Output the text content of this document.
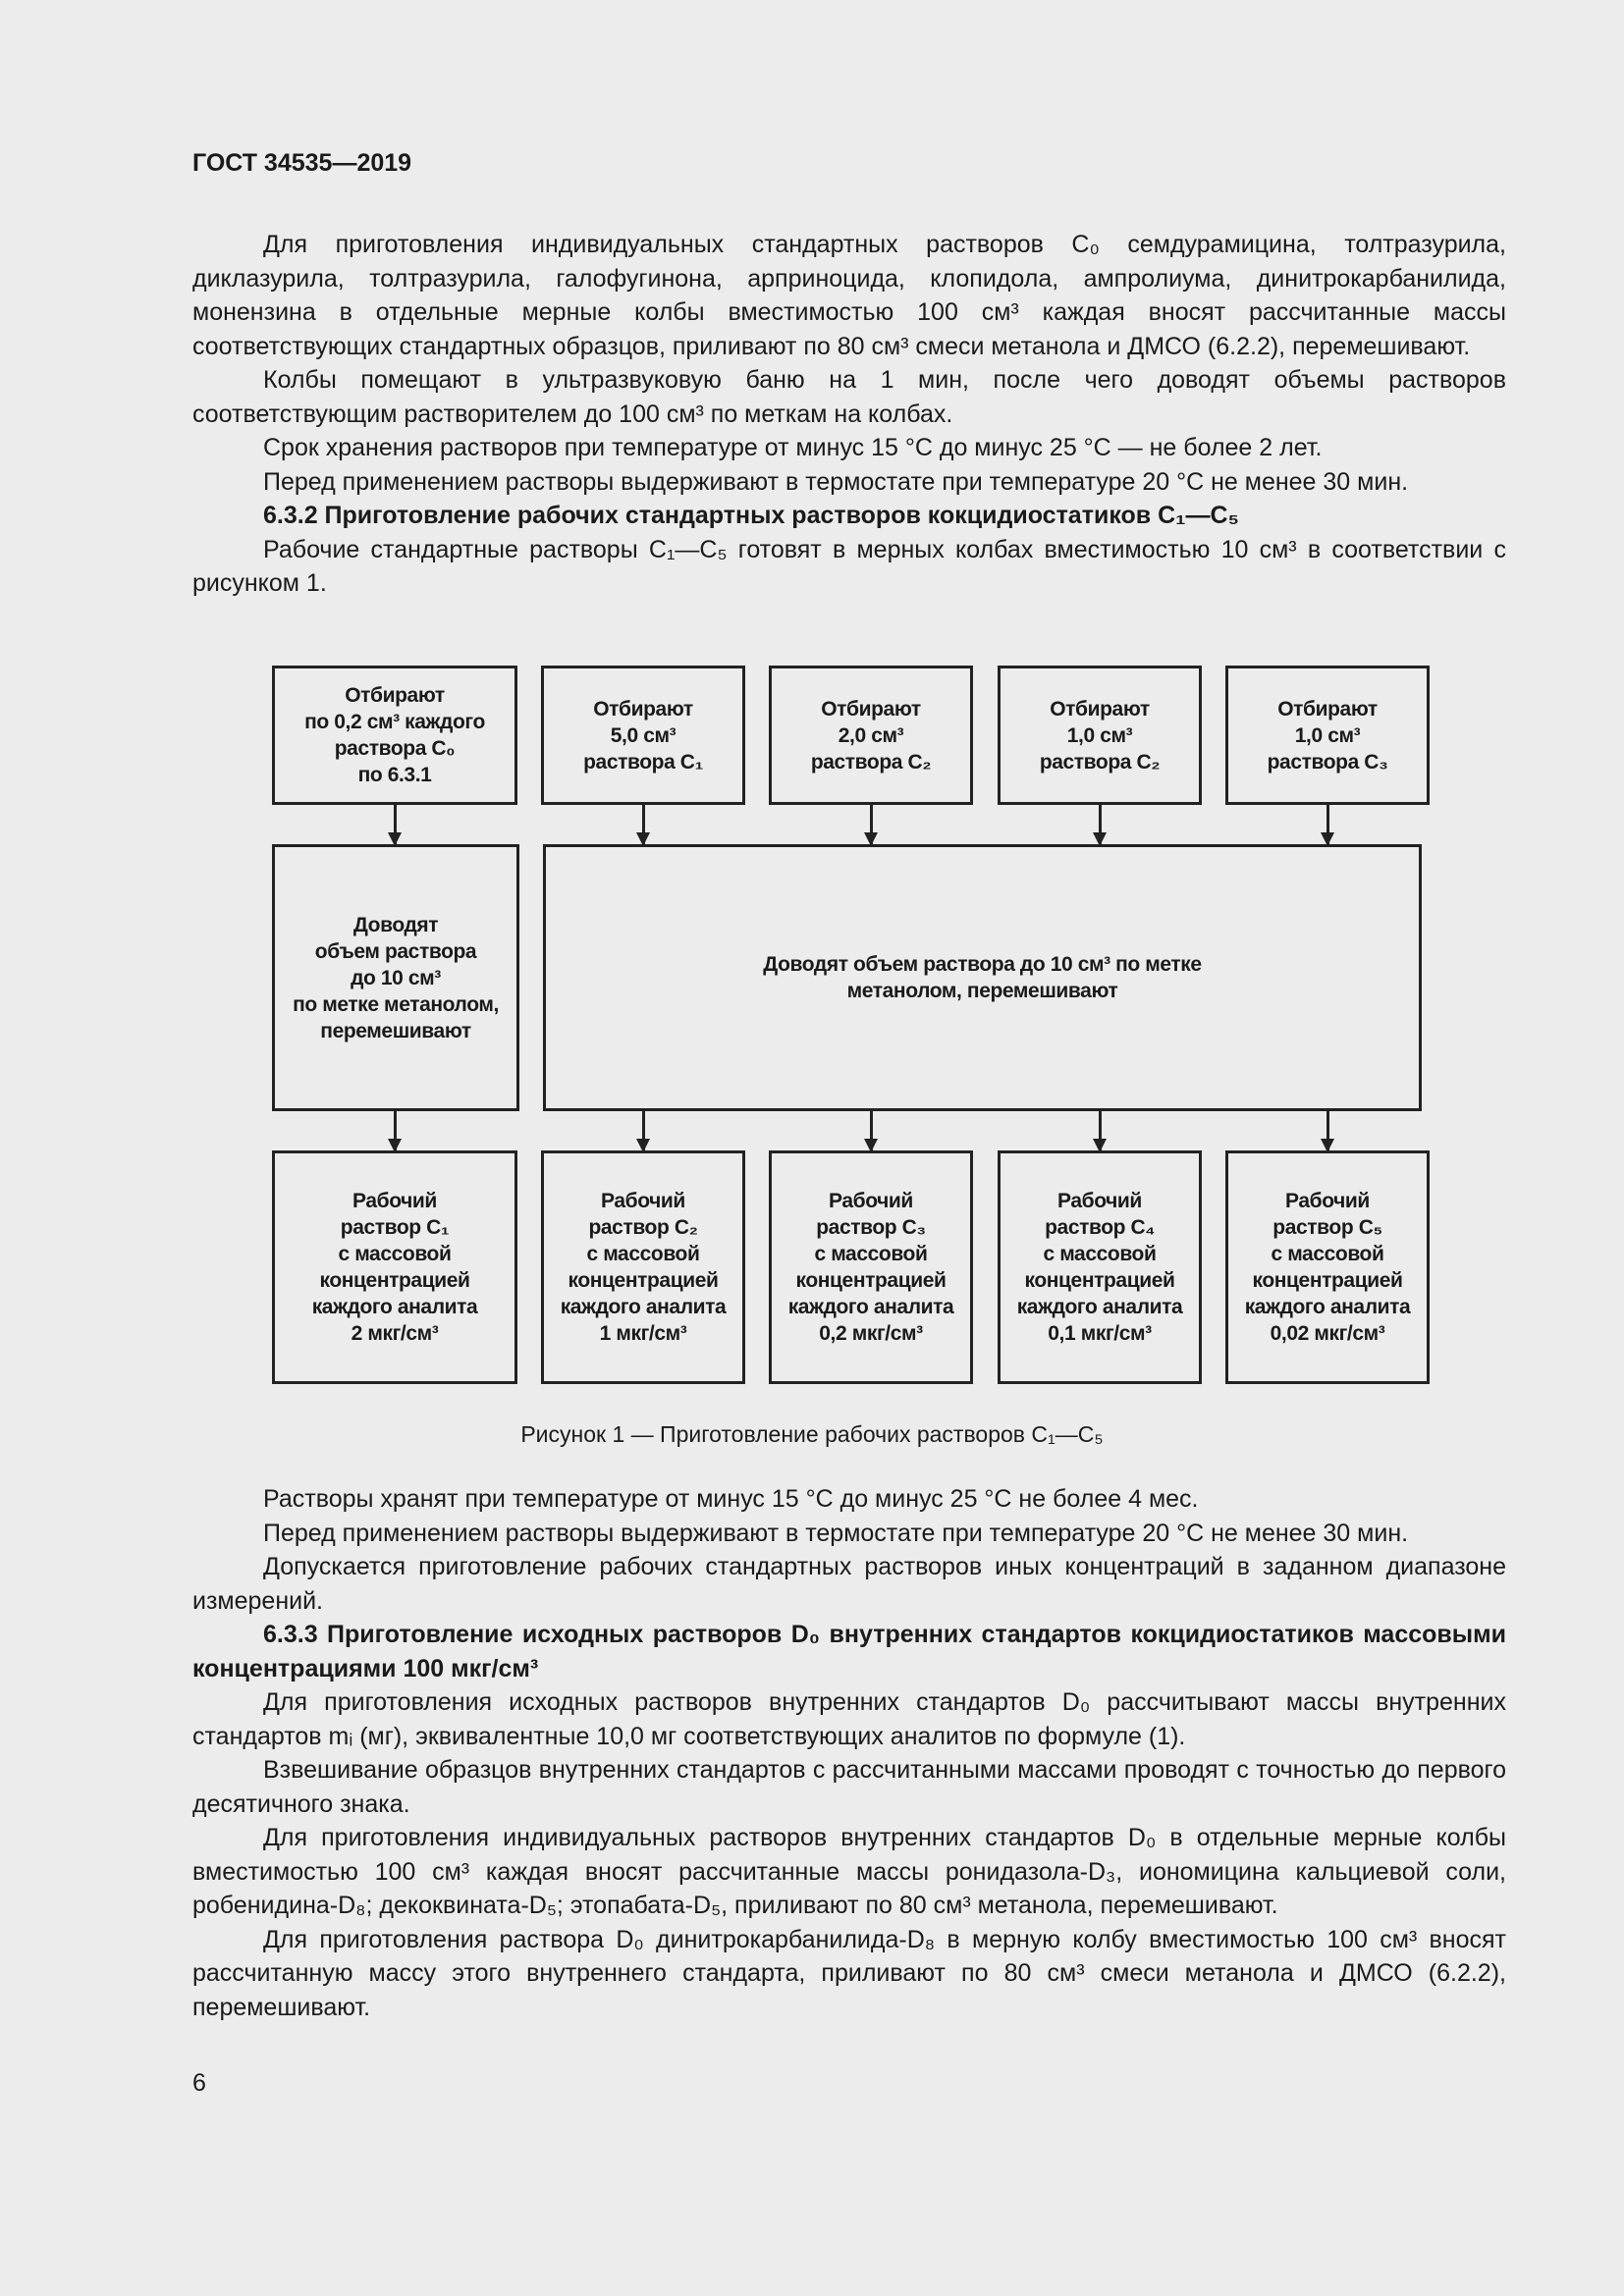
ГОСТ 34535—2019

Для приготовления индивидуальных стандартных растворов C₀ семдурамицина, толтразурила, диклазурила, толтразурила, галофугинона, арприноцида, клопидола, ампролиума, динитрокарбанилида, монензина в отдельные мерные колбы вместимостью 100 см³ каждая вносят рассчитанные массы соответствующих стандартных образцов, приливают по 80 см³ смеси метанола и ДМСО (6.2.2), перемешивают.

Колбы помещают в ультразвуковую баню на 1 мин, после чего доводят объемы растворов соответствующим растворителем до 100 см³ по меткам на колбах.

Срок хранения растворов при температуре от минус 15 °С до минус 25 °С — не более 2 лет.

Перед применением растворы выдерживают в термостате при температуре 20 °С не менее 30 мин.

6.3.2 Приготовление рабочих стандартных растворов кокцидиостатиков C₁—C₅

Рабочие стандартные растворы C₁—C₅ готовят в мерных колбах вместимостью 10 см³ в соответствии с рисунком 1.

Отбирают
по 0,2 см³ каждого
раствора C₀
по 6.3.1
Отбирают
5,0 см³
раствора C₁
Отбирают
2,0 см³
раствора C₂
Отбирают
1,0 см³
раствора C₂
Отбирают
1,0 см³
раствора C₃
Доводят
объем раствора
до 10 см³
по метке метанолом,
перемешивают
Доводят объем раствора до 10 см³ по метке
метанолом, перемешивают
Рабочий
раствор C₁
с массовой
концентрацией
каждого аналита
2 мкг/см³
Рабочий
раствор C₂
с массовой
концентрацией
каждого аналита
1 мкг/см³
Рабочий
раствор C₃
с массовой
концентрацией
каждого аналита
0,2 мкг/см³
Рабочий
раствор C₄
с массовой
концентрацией
каждого аналита
0,1 мкг/см³
Рабочий
раствор C₅
с массовой
концентрацией
каждого аналита
0,02 мкг/см³
Рисунок 1 — Приготовление рабочих растворов C₁—C₅

Растворы хранят при температуре от минус 15 °С до минус 25 °С не более 4 мес.

Перед применением растворы выдерживают в термостате при температуре 20 °С не менее 30 мин.

Допускается приготовление рабочих стандартных растворов иных концентраций в заданном диапазоне измерений.

6.3.3 Приготовление исходных растворов D₀ внутренних стандартов кокцидиостатиков массовыми концентрациями 100 мкг/см³

Для приготовления исходных растворов внутренних стандартов D₀ рассчитывают массы внутренних стандартов mᵢ (мг), эквивалентные 10,0 мг соответствующих аналитов по формуле (1).

Взвешивание образцов внутренних стандартов с рассчитанными массами проводят с точностью до первого десятичного знака.

Для приготовления индивидуальных растворов внутренних стандартов D₀ в отдельные мерные колбы вместимостью 100 см³ каждая вносят рассчитанные массы ронидазола-D₃, иономицина кальциевой соли, робенидина-D₈; декоквината-D₅; этопабата-D₅, приливают по 80 см³ метанола, перемешивают.

Для приготовления раствора D₀ динитрокарбанилида-D₈ в мерную колбу вместимостью 100 см³ вносят рассчитанную массу этого внутреннего стандарта, приливают по 80 см³ смеси метанола и ДМСО (6.2.2), перемешивают.

6
